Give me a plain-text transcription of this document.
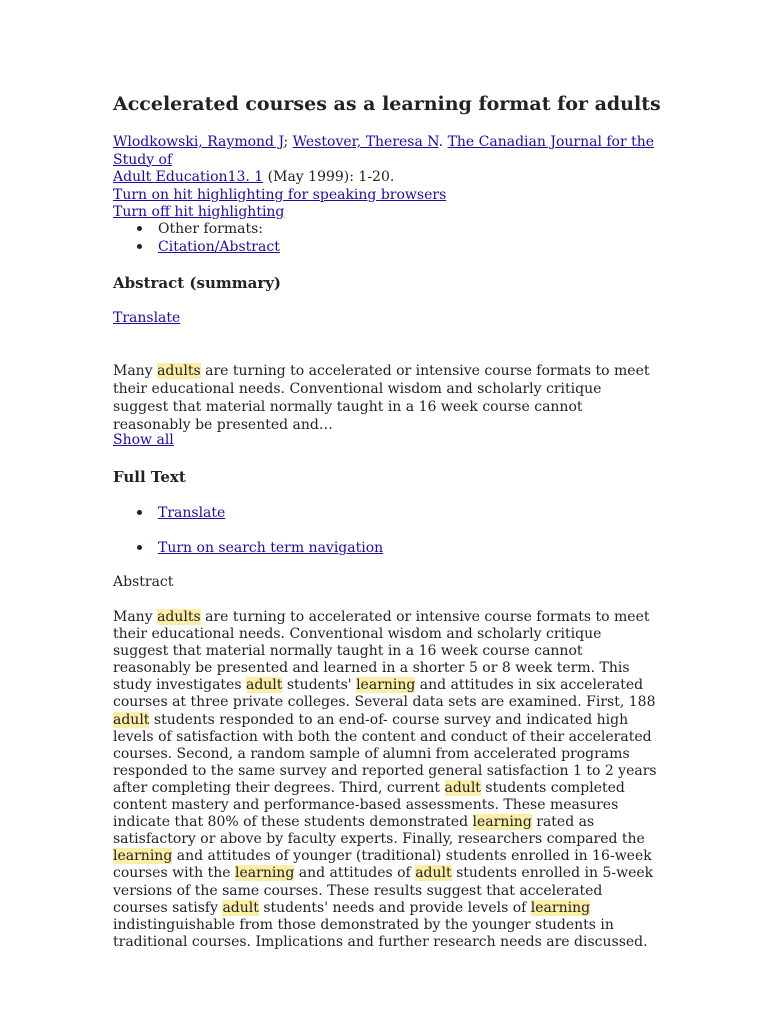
Accelerated courses as a learning format for adults
Wlodkowski, Raymond J; Westover, Theresa N. The Canadian Journal for the Study of
Adult Education13. 1 (May 1999): 1-20.
Turn on hit highlighting for speaking browsers
Turn off hit highlighting
Other formats:
Citation/Abstract
Abstract (summary)
Translate

Many adults are turning to accelerated or intensive course formats to meet their educational needs. Conventional wisdom and scholarly critique suggest that material normally taught in a 16 week course cannot reasonably be presented and…

Show all
Full Text
Translate
Turn on search term navigation
Abstract

Many adults are turning to accelerated or intensive course formats to meet their educational needs. Conventional wisdom and scholarly critique suggest that material normally taught in a 16 week course cannot reasonably be presented and learned in a shorter 5 or 8 week term. This study investigates adult students' learning and attitudes in six accelerated courses at three private colleges. Several data sets are examined. First, 188 adult students responded to an end-of- course survey and indicated high levels of satisfaction with both the content and conduct of their accelerated courses. Second, a random sample of alumni from accelerated programs responded to the same survey and reported general satisfaction 1 to 2 years after completing their degrees. Third, current adult students completed content mastery and performance-based assessments. These measures indicate that 80% of these students demonstrated learning rated as satisfactory or above by faculty experts. Finally, researchers compared the learning and attitudes of younger (traditional) students enrolled in 16-week courses with the learning and attitudes of adult students enrolled in 5-week versions of the same courses. These results suggest that accelerated courses satisfy adult students' needs and provide levels of learning indistinguishable from those demonstrated by the younger students in traditional courses. Implications and further research needs are discussed.
